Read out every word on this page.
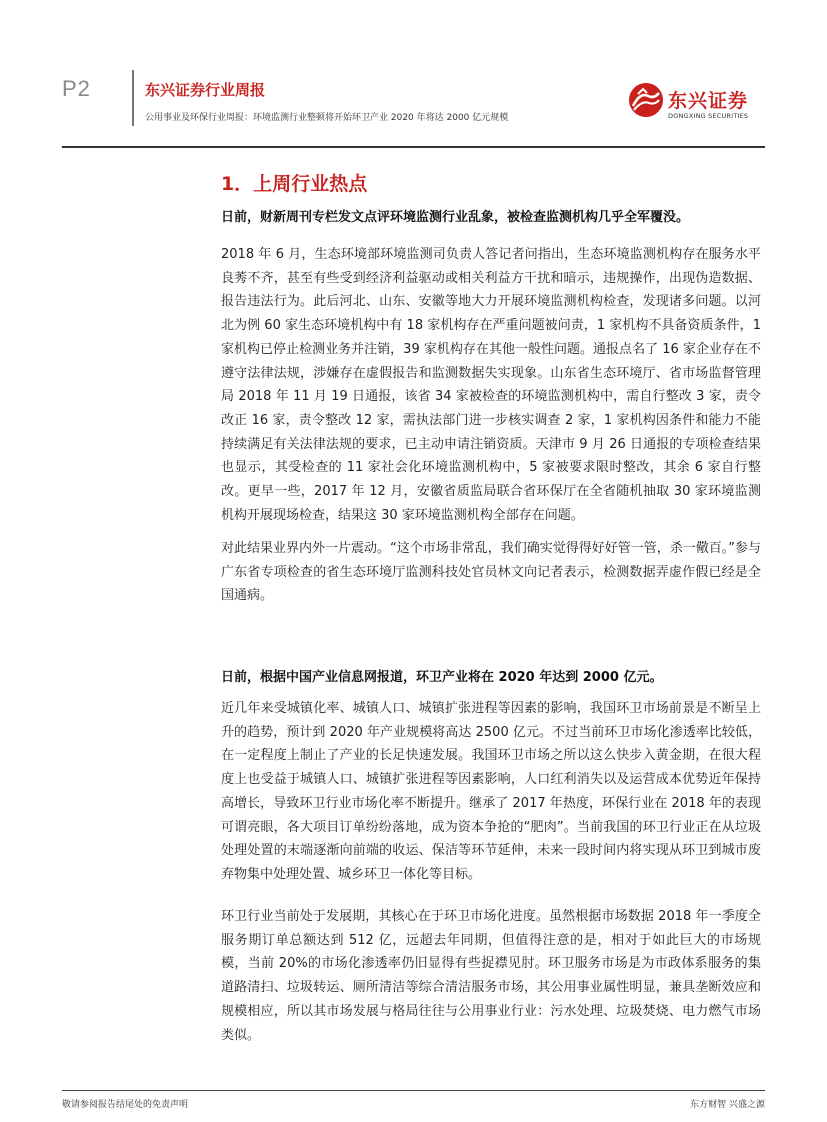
P2	东兴证券行业周报
公用事业及环保行业周报：环境监测行业整顿将开始环卫产业 2020 年将达 2000 亿元规模
东兴证券
DONGXING SECURITIES
1．上周行业热点
日前，财新周刊专栏发文点评环境监测行业乱象，被检查监测机构几乎全军覆没。

2018 年 6 月，生态环境部环境监测司负责人答记者问指出，生态环境监测机构存在服务水平良莠不齐，甚至有些受到经济利益驱动或相关利益方干扰和暗示，违规操作，出现伪造数据、报告违法行为。此后河北、山东、安徽等地大力开展环境监测机构检查，发现诸多问题。以河北为例 60 家生态环境机构中有 18 家机构存在严重问题被问责，1 家机构不具备资质条件，1 家机构已停止检测业务并注销，39 家机构存在其他一般性问题。通报点名了 16 家企业存在不遵守法律法规，涉嫌存在虚假报告和监测数据失实现象。山东省生态环境厅、省市场监督管理局 2018 年 11 月 19 日通报，该省 34 家被检查的环境监测机构中，需自行整改 3 家，责令改正 16 家，责令整改 12 家，需执法部门进一步核实调查 2 家，1 家机构因条件和能力不能持续满足有关法律法规的要求，已主动申请注销资质。天津市 9 月 26 日通报的专项检查结果也显示，其受检查的 11 家社会化环境监测机构中，5 家被要求限时整改，其余 6 家自行整改。更早一些，2017 年 12 月，安徽省质监局联合省环保厅在全省随机抽取 30 家环境监测机构开展现场检查，结果这 30 家环境监测机构全部存在问题。

对此结果业界内外一片震动。“这个市场非常乱，我们确实觉得得好好管一管，杀一儆百。”参与广东省专项检查的省生态环境厅监测科技处官员林文向记者表示，检测数据弄虚作假已经是全国通病。

日前，根据中国产业信息网报道，环卫产业将在 2020 年达到 2000 亿元。

近几年来受城镇化率、城镇人口、城镇扩张进程等因素的影响，我国环卫市场前景是不断呈上升的趋势，预计到 2020 年产业规模将高达 2500 亿元。不过当前环卫市场化渗透率比较低，在一定程度上制止了产业的长足快速发展。我国环卫市场之所以这么快步入黄金期，在很大程度上也受益于城镇人口、城镇扩张进程等因素影响，人口红利消失以及运营成本优势近年保持高增长，导致环卫行业市场化率不断提升。继承了 2017 年热度，环保行业在 2018 年的表现可谓亮眼，各大项目订单纷纷落地，成为资本争抢的“肥肉”。当前我国的环卫行业正在从垃圾处理处置的末端逐渐向前端的收运、保洁等环节延伸，未来一段时间内将实现从环卫到城市废弃物集中处理处置、城乡环卫一体化等目标。

环卫行业当前处于发展期，其核心在于环卫市场化进度。虽然根据市场数据 2018 年一季度全服务期订单总额达到 512 亿，远超去年同期，但值得注意的是，相对于如此巨大的市场规模，当前 20%的市场化渗透率仍旧显得有些捉襟见肘。环卫服务市场是为市政体系服务的集道路清扫、垃圾转运、厕所清洁等综合清洁服务市场，其公用事业属性明显，兼具垄断效应和规模相应，所以其市场发展与格局往往与公用事业行业：污水处理、垃圾焚烧、电力燃气市场类似。

敬请参阅报告结尾处的免责声明	东方财智 兴盛之源
